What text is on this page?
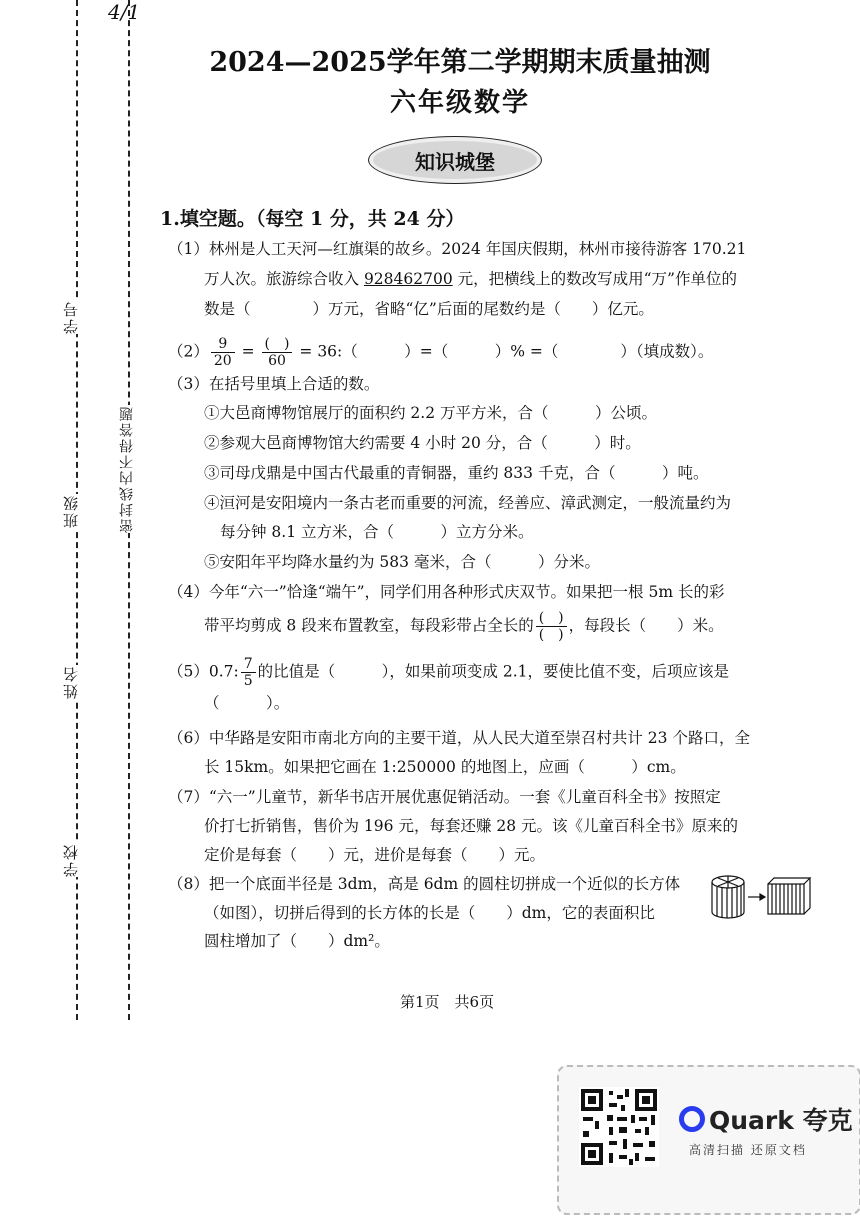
4/1
学号
班级
姓名
学校
密封线内不得答题
2024—2025学年第二学期期末质量抽测
六年级数学
知识城堡
1.填空题。（每空 1 分，共 24 分）
（1）林州是人工天河—红旗渠的故乡。2024 年国庆假期，林州市接待游客 170.21
万人次。旅游综合收入 928462700 元，把横线上的数改写成用“万”作单位的
数是（　　　　）万元，省略“亿”后面的尾数约是（　　）亿元。
$(2) \frac{9}{20} = \frac{( )}{60}$ = 36:（　　　）=（　　　）% =（　　　　）（填成数）。
（3）在括号里填上合适的数。
①大邑商博物馆展厅的面积约 2.2 万平方米，合（　　　）公顷。
②参观大邑商博物馆大约需要 4 小时 20 分，合（　　　）时。
③司母戊鼎是中国古代最重的青铜器，重约 833 千克，合（　　　）吨。
④洹河是安阳境内一条古老而重要的河流，经善应、漳武测定，一般流量约为
每分钟 8.1 立方米，合（　　　）立方分米。
⑤安阳年平均降水量约为 583 毫米，合（　　　）分米。
（4）今年“六一”恰逢“端午”，同学们用各种形式庆双节。如果把一根 5m 长的彩
带平均剪成 8 段来布置教室，每段彩带占全长的 $\frac{( )}{( )}$ ，每段长（　　）米。
（5）0.7: $\frac{7}{5}$ 的比值是（　　　），如果前项变成 2.1，要使比值不变，后项应该是
（　　　）。
（6）中华路是安阳市南北方向的主要干道，从人民大道至崇召村共计 23 个路口，全
长 15km。如果把它画在 1:250000 的地图上，应画（　　　）cm。
（7）“六一”儿童节，新华书店开展优惠促销活动。一套《儿童百科全书》按照定
价打七折销售，售价为 196 元，每套还赚 28 元。该《儿童百科全书》原来的
定价是每套（　　）元，进价是每套（　　）元。
（8）把一个底面半径是 3dm，高是 6dm 的圆柱切拼成一个近似的长方体
（如图），切拼后得到的长方体的长是（　　）dm，它的表面积比
圆柱增加了（　　）dm²。
第1页　共6页
Quark 夸克
高清扫描 还原文档
